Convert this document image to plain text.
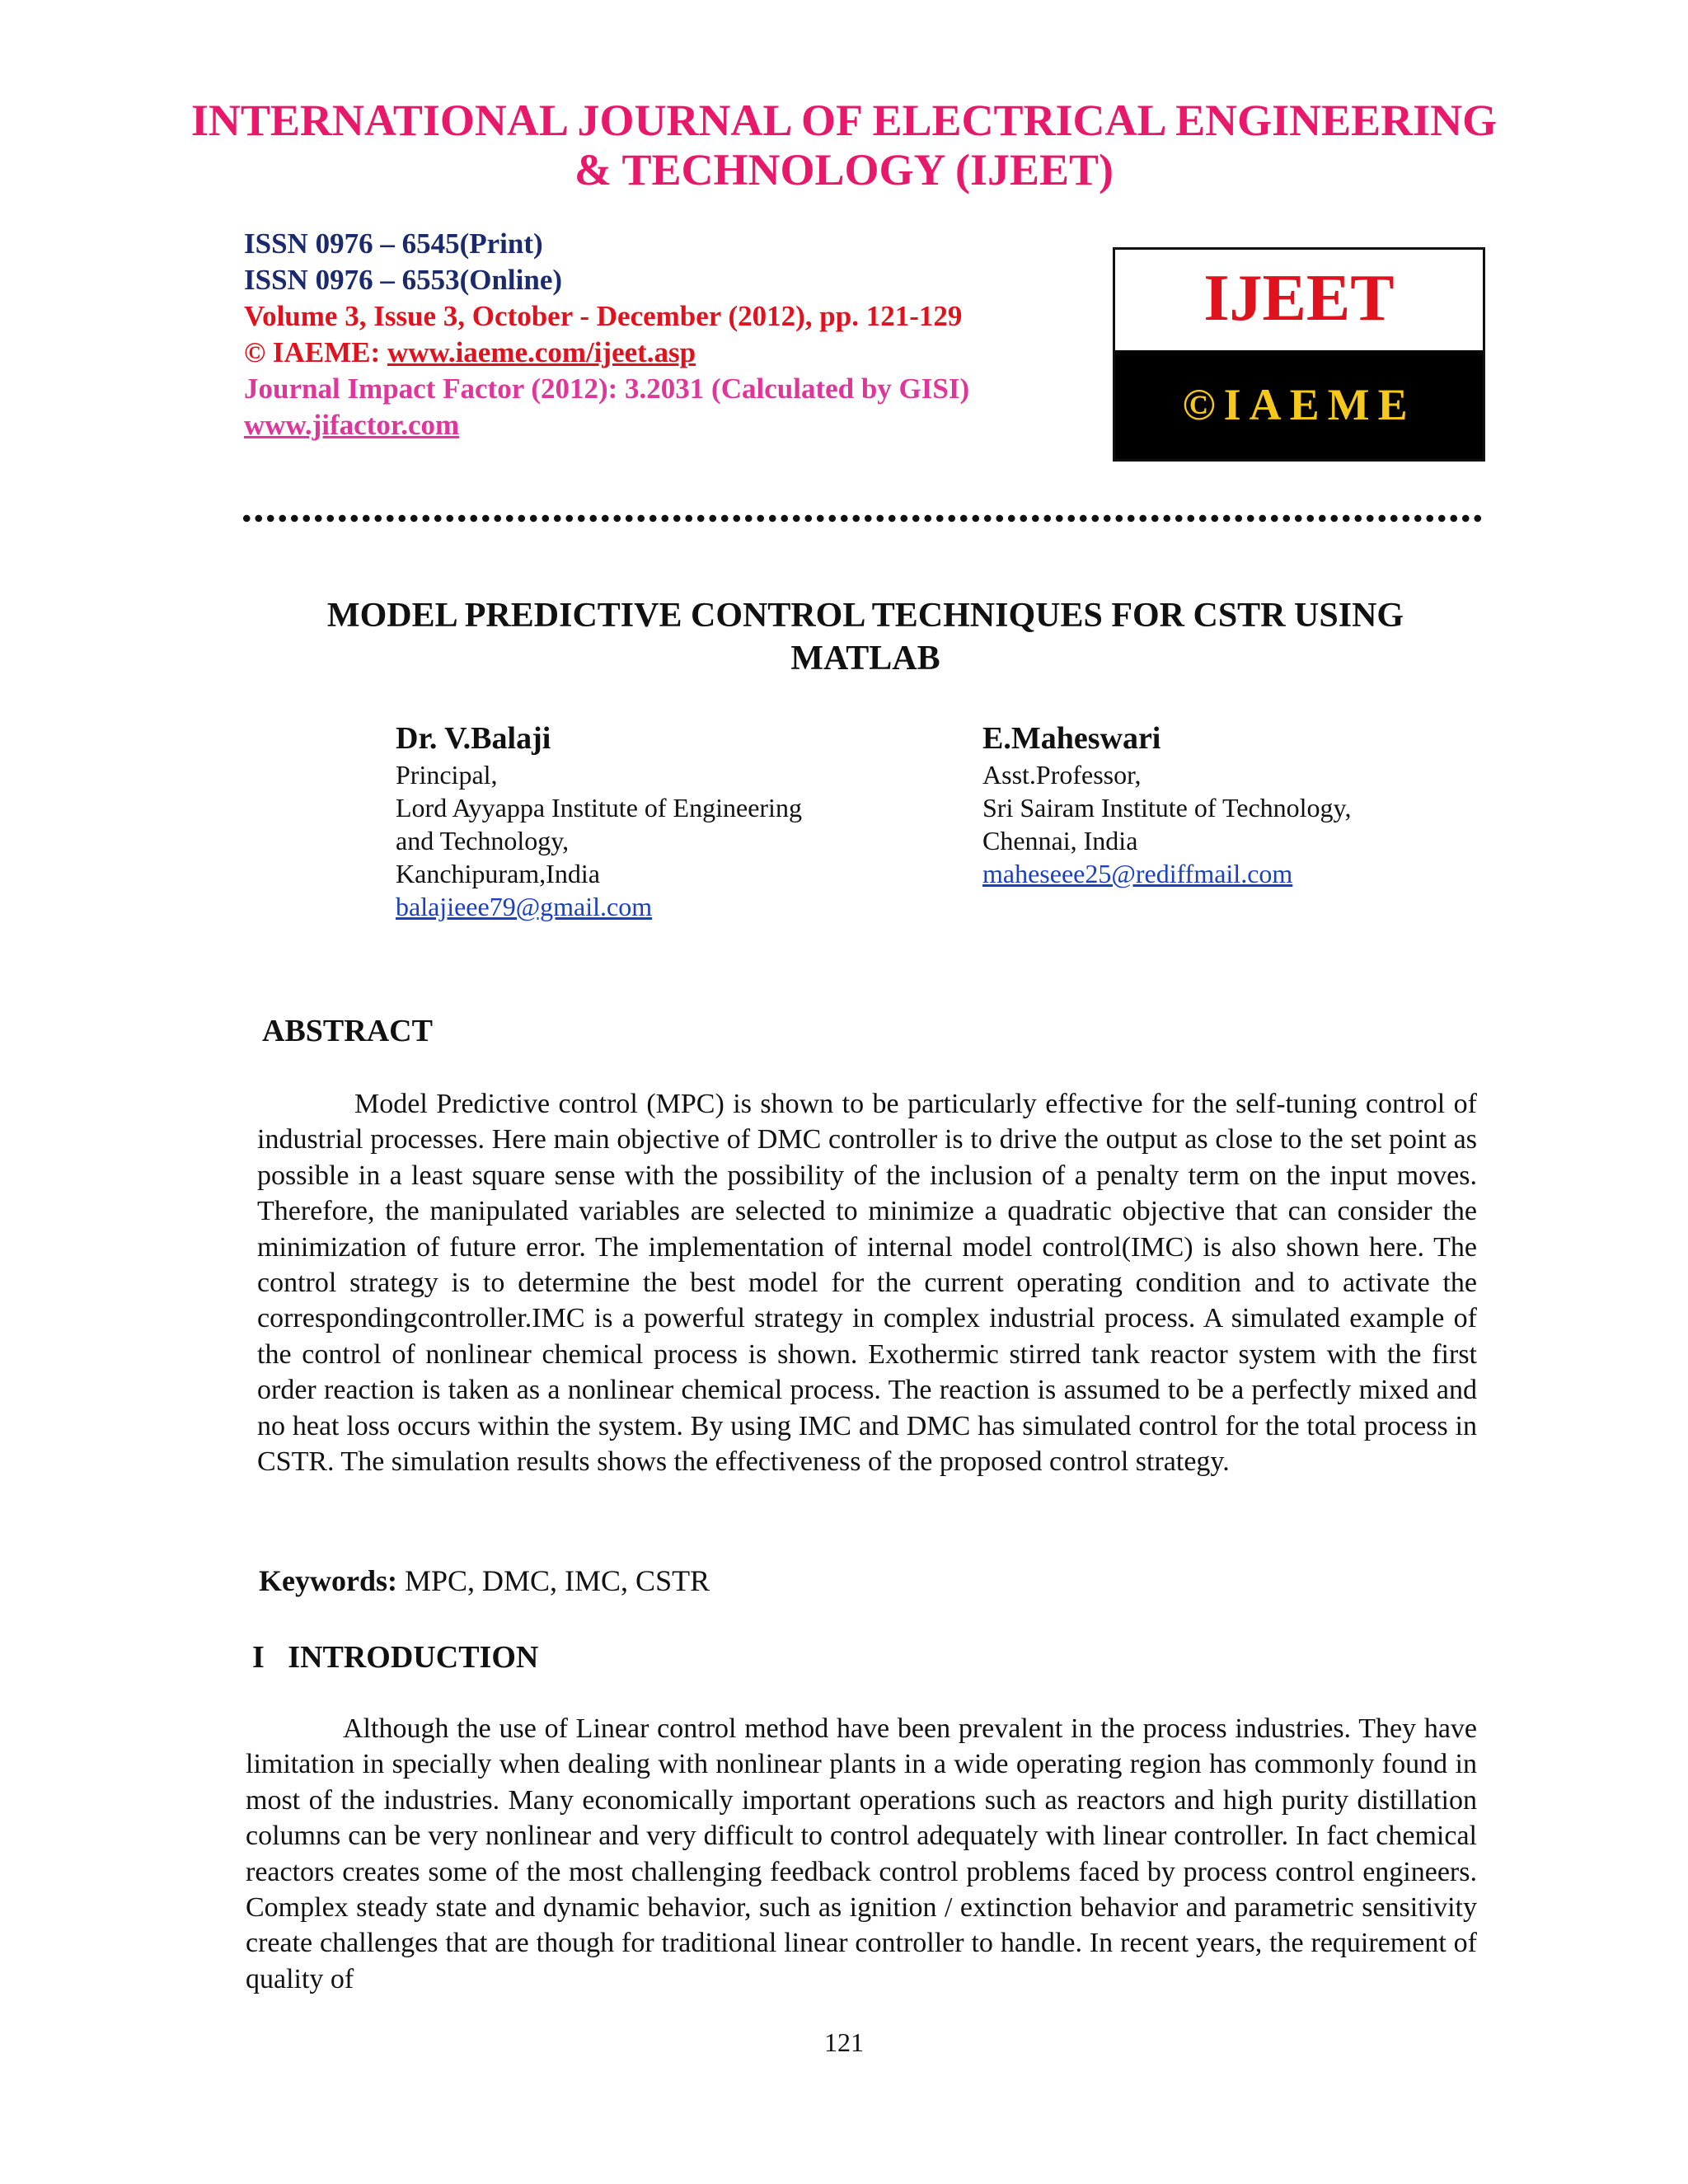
INTERNATIONAL JOURNAL OF ELECTRICAL ENGINEERING
& TECHNOLOGY (IJEET)
ISSN 0976 – 6545(Print)
ISSN 0976 – 6553(Online)
Volume 3, Issue 3, October - December (2012), pp. 121-129
© IAEME: www.iaeme.com/ijeet.asp
Journal Impact Factor (2012): 3.2031 (Calculated by GISI)
www.jifactor.com
IJEET
©IAEME
MODEL PREDICTIVE CONTROL TECHNIQUES FOR CSTR USING
MATLAB
Dr. V.Balaji
Principal,
Lord Ayyappa Institute of Engineering
and Technology,
Kanchipuram,India
balajieee79@gmail.com
E.Maheswari
Asst.Professor,
Sri Sairam Institute of Technology,
Chennai, India
maheseee25@rediffmail.com
ABSTRACT

Model Predictive control (MPC) is shown to be particularly effective for the self-tuning control of industrial processes. Here main objective of DMC controller is to drive the output as close to the set point as possible in a least square sense with the possibility of the inclusion of a penalty term on the input moves. Therefore, the manipulated variables are selected to minimize a quadratic objective that can consider the minimization of future error. The implementation of internal model control(IMC) is also shown here. The control strategy is to determine the best model for the current operating condition and to activate the correspondingcontroller.IMC is a powerful strategy in complex industrial process. A simulated example of the control of nonlinear chemical process is shown. Exothermic stirred tank reactor system with the first order reaction is taken as a nonlinear chemical process. The reaction is assumed to be a perfectly mixed and no heat loss occurs within the system. By using IMC and DMC has simulated control for the total process in CSTR. The simulation results shows the effectiveness of the proposed control strategy.

Keywords: MPC, DMC, IMC, CSTR
I   INTRODUCTION

Although the use of Linear control method have been prevalent in the process industries. They have limitation in specially when dealing with nonlinear plants in a wide operating region has commonly found in most of the industries. Many economically important operations such as reactors and high purity distillation columns can be very nonlinear and very difficult to control adequately with linear controller. In fact chemical reactors creates some of the most challenging feedback control problems faced by process control engineers. Complex steady state and dynamic behavior, such as ignition / extinction behavior and parametric sensitivity create challenges that are though for traditional linear controller to handle. In recent years, the requirement of quality of

121
